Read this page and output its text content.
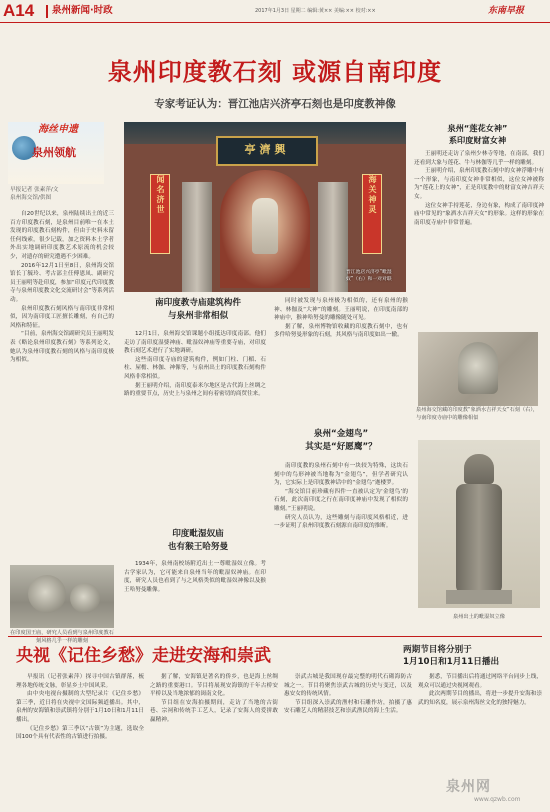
A14	泉州新闻·时政	2017年1月3日 星期二 编辑:黄×× 美编:×× 校对:××	东南早报
泉州印度教石刻 或源自南印度
专家考证认为：晋江池店兴济亭石刻也是印度教神像
海丝申遗
泉州领航
早报记者 张素萍/文
泉州海交馆/供图

自20世纪以来，泉州陆续出土的近三百方印度教石刻，是泉州目前唯一在本土发现的印度教石刻构件，但由于史料未留任何线索，很少记载，加之资料本土学者外出实地调研印度教艺术原流的机会较少，对遗存的研究遭遇不少困难。

2016年12月1日至8日，泉州海交馆馆长丁毓玲、考古部主任傅恩凤、副研究员王丽明等赴印度，参加“印度元代印度教寺与泉州印度教文化交流研讨会”等系列活动。

泉州印度教石刻风格与南印度非常相似，因为南印度工匠擅长雕刻，有自己的风格和特征。

“目前，泉州海交馆副研究员王丽明发表《略论泉州印度教石刻》等系列论文，她认为泉州印度教石刻的风格与南印度极为相似。

在印度国王庙，研究人员看到与泉州印度教石刻风格几乎一样的雕刻
亭濟興
闻名济世	海关神灵
晋江池店兴济亭“毗湿奴”（右）和一对对联
泉州“莲花女神”
系印度财富女神

王丽明还走访了泉州少林寺等地，在南部，我们还看到大象与莲花、牛与林伽等几乎一样的雕刻。

王丽明介绍，泉州印度教石刻中的女神浮雕中有一个形象，与南印度女神非常相似，这位女神被称为“莲花上的女神”，正是印度教中的财富女神吉祥天女。

这位女神手持莲花，身边有象，构成了南印度神庙中常见的“象洒水吉祥天女”的形象。这样的形象在南印度寺庙中非常普遍。

泉州海交馆藏的印度教“象洒水吉祥天女”石刻（右），与南印度寺庙中的雕像相似
南印度教寺庙建筑构件
与泉州非常相似

12月1日，泉州海交馆课题小组抵达印度南部。他们走访了南印度湿婆神庙、毗湿奴神庙等重要寺庙，对印度教石刻艺术进行了实地调研。

这些南印度寺庙的建筑构件，例如门柱、门楣、石柱、屋檐、林伽、神像等，与泉州出土的印度教石刻构件风格非常相似。

据王丽明介绍，南印度泰米尔地区是古代海上丝绸之路的重要节点，历史上与泉州之间有着密切的商贸往来。

印度毗湿奴庙
也有猴王哈努曼

1934年，泉州南校场附近出土一尊毗湿奴立像。考古学家认为，它可能来自泉州当年的毗湿奴神庙。在印度，研究人员也看到了与之风格类似的毗湿奴神像以及猴王哈努曼雕像。

同时被发现与泉州极为相似的，还有泉州的猴神、林伽及“大神”的雕刻。王丽明说，在印度南部的神庙中，猴神哈努曼的雕像随处可见。

据了解，泉州博物馆收藏的印度教石刻中，也有多件哈努曼形象的石刻，其风格与南印度如出一辙。

泉州“金翅鸟”
其实是“好愿鹰”？

南印度教的泉州石刻中有一块较为特殊，这块石刻中的鸟形神被当地称为“金翅鸟”，但学者研究认为，它实际上是印度教神话中的“金翅鸟”迦楼罗。

“海交馆目前珍藏有四件一直被认定为‘金翅鸟’的石刻，此次南印度之行在南印度神庙中发现了相似的雕刻。”王丽明说。

研究人员认为，这些雕刻与南印度风格相近，进一步证明了泉州印度教石刻源自南印度的推断。

泉州出土的毗湿奴立像
央视《记住乡愁》走进安海和崇武	两期节目将分别于
1月10日和1月11日播出

早报讯（记者张素萍）探寻中国古镇群落，梳理各地传统文脉，彰显乡土中国风采。

由中央电视台摄制的大型纪录片《记住乡愁》第三季，近日将在央视中文国际频道播出。其中，泉州的安海镇和崇武镇将分别于1月10日和1月11日播出。

《记住乡愁》第三季以“古镇”为主题，选取全国100个具有代表性的古镇进行拍摄。

据了解，安海镇是著名的侨乡，也是海上丝绸之路的重要港口。节目将展现安海镇的千年古桥安平桥以及当地浓郁的闽南文化。

节目组在安海拍摄期间，走访了当地的古街巷、宗祠和传统手工艺人，记录了安海人的爱拼敢赢精神。

崇武古城是我国现存最完整的明代石砌海防古城之一。节目将聚焦崇武古城的历史与变迁，以及惠安女的传统风情。

节目组深入崇武的渔村和石雕作坊，拍摄了惠安石雕艺人的精湛技艺和崇武渔民的海上生活。

据悉，节目播出后将通过网络平台同步上线，观众可以通过央视网观看。

此次两期节目的播出，将进一步提升安海和崇武的知名度，展示泉州海丝文化的独特魅力。

泉州网
www.qzwb.com
